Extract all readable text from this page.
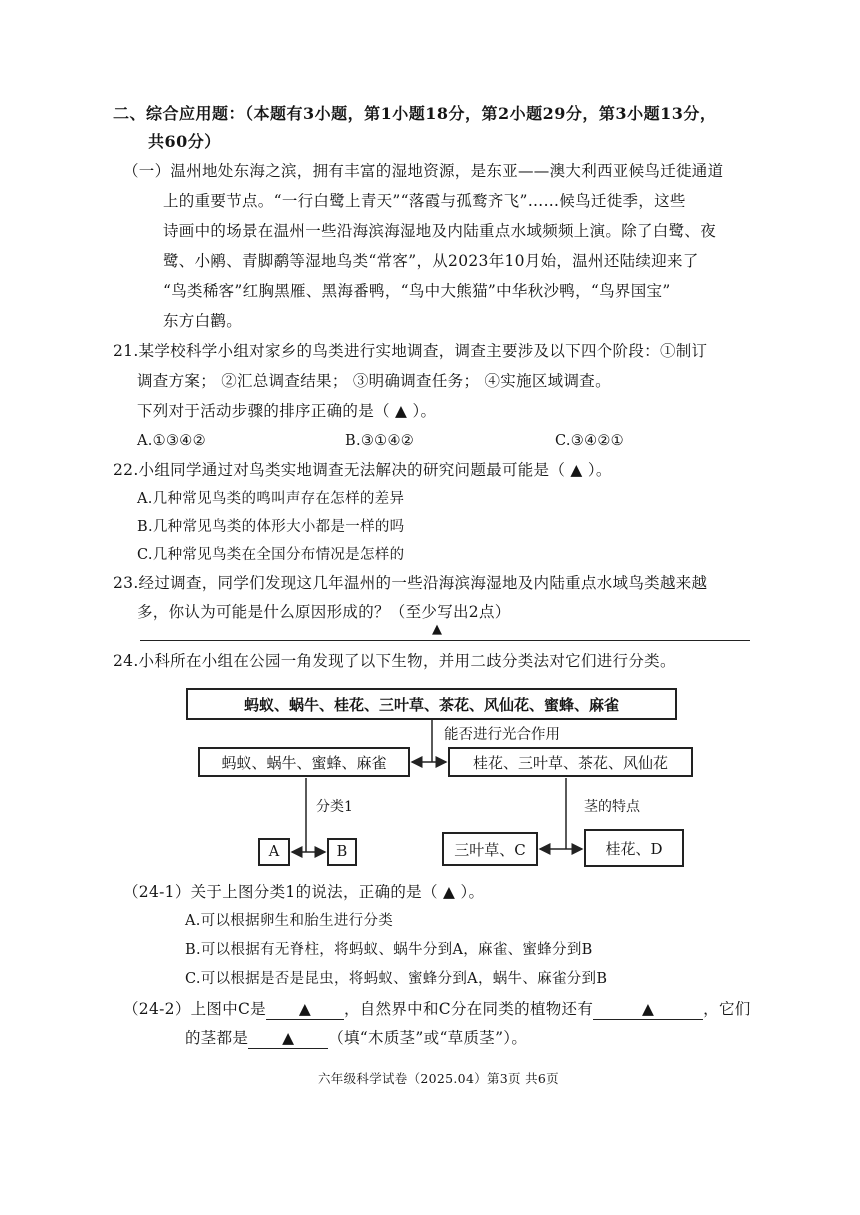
二、综合应用题：（本题有3小题，第1小题18分，第2小题29分，第3小题13分，
共60分）
（一）温州地处东海之滨，拥有丰富的湿地资源，是东亚——澳大利西亚候鸟迁徙通道
上的重要节点。“一行白鹭上青天”“落霞与孤鹜齐飞”……候鸟迁徙季，这些
诗画中的场景在温州一些沿海滨海湿地及内陆重点水域频频上演。除了白鹭、夜
鹭、小鹇、青脚鹬等湿地鸟类“常客”，从2023年10月始，温州还陆续迎来了
“鸟类稀客”红胸黑雁、黑海番鸭，“鸟中大熊猫”中华秋沙鸭，“鸟界国宝”
东方白鹳。
21.某学校科学小组对家乡的鸟类进行实地调查，调查主要涉及以下四个阶段：①制订
调查方案； ②汇总调查结果； ③明确调查任务； ④实施区域调查。
下列对于活动步骤的排序正确的是（ ▲ ）。
A.①③④②	B.③①④②	C.③④②①
22.小组同学通过对鸟类实地调查无法解决的研究问题最可能是（ ▲ ）。
A.几种常见鸟类的鸣叫声存在怎样的差异
B.几种常见鸟类的体形大小都是一样的吗
C.几种常见鸟类在全国分布情况是怎样的
23.经过调查，同学们发现这几年温州的一些沿海滨海湿地及内陆重点水域鸟类越来越
多，你认为可能是什么原因形成的？（至少写出2点）
▲
24.小科所在小组在公园一角发现了以下生物，并用二歧分类法对它们进行分类。
蚂蚁、蜗牛、桂花、三叶草、茶花、风仙花、蜜蜂、麻雀
能否进行光合作用
蚂蚁、蜗牛、蜜蜂、麻雀	桂花、三叶草、茶花、风仙花
分类1	茎的特点
A	B	三叶草、C	桂花、D
（24-1）关于上图分类1的说法，正确的是（ ▲ ）。
A.可以根据卵生和胎生进行分类
B.可以根据有无脊柱，将蚂蚁、蜗牛分到A，麻雀、蜜蜂分到B
C.可以根据是否是昆虫，将蚂蚁、蜜蜂分到A，蜗牛、麻雀分到B
（24-2）上图中C是 ▲ ，自然界中和C分在同类的植物还有	▲	，它们
的茎都是 ▲ （填“木质茎”或“草质茎”）。
六年级科学试卷（2025.04）第3页 共6页
